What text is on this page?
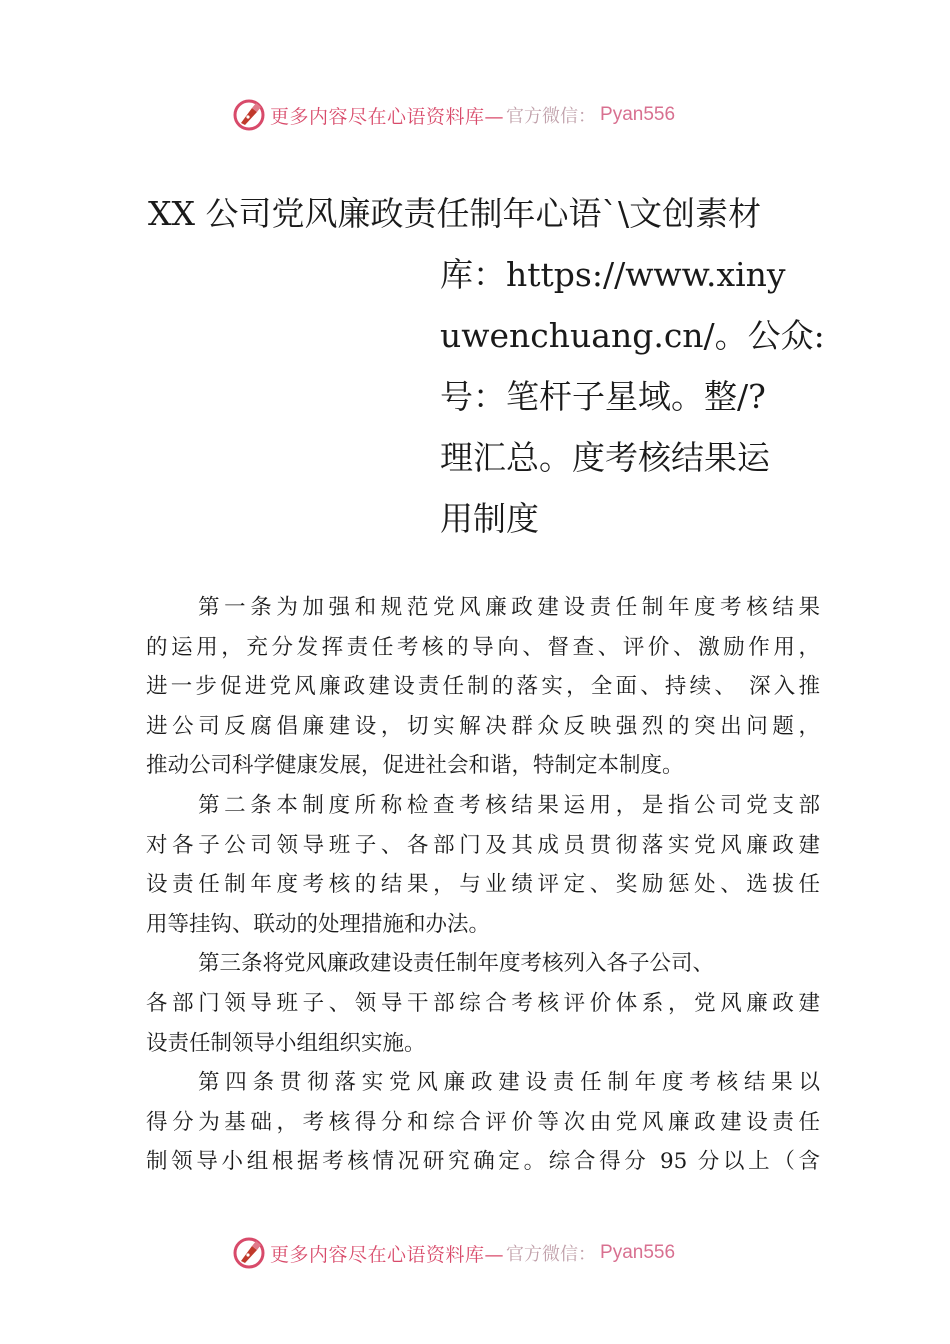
更多内容尽在心语资料库— 官方微信： Pyan556
XX 公司党风廉政责任制年心语`\文创素材
库：https://www.xiny
uwenchuang.cn/。公众:
号：笔杆子星域。整/?
理汇总。度考核结果运
用制度
第一条为加强和规范党风廉政建设责任制年度考核结果
的运用，充分发挥责任考核的导向、督查、评价、激励作用，
进一步促进党风廉政建设责任制的落实，全面、持续、 深入推
进公司反腐倡廉建设，切实解决群众反映强烈的突出问题，
推动公司科学健康发展，促进社会和谐，特制定本制度。
第二条本制度所称检查考核结果运用，是指公司党支部
对各子公司领导班子、各部门及其成员贯彻落实党风廉政建
设责任制年度考核的结果，与业绩评定、奖励惩处、选拔任
用等挂钩、联动的处理措施和办法。
第三条将党风廉政建设责任制年度考核列入各子公司、
各部门领导班子、领导干部综合考核评价体系，党风廉政建
设责任制领导小组组织实施。
第四条贯彻落实党风廉政建设责任制年度考核结果以
得分为基础，考核得分和综合评价等次由党风廉政建设责任
制领导小组根据考核情况研究确定。综合得分 95 分以上（含
更多内容尽在心语资料库— 官方微信： Pyan556
